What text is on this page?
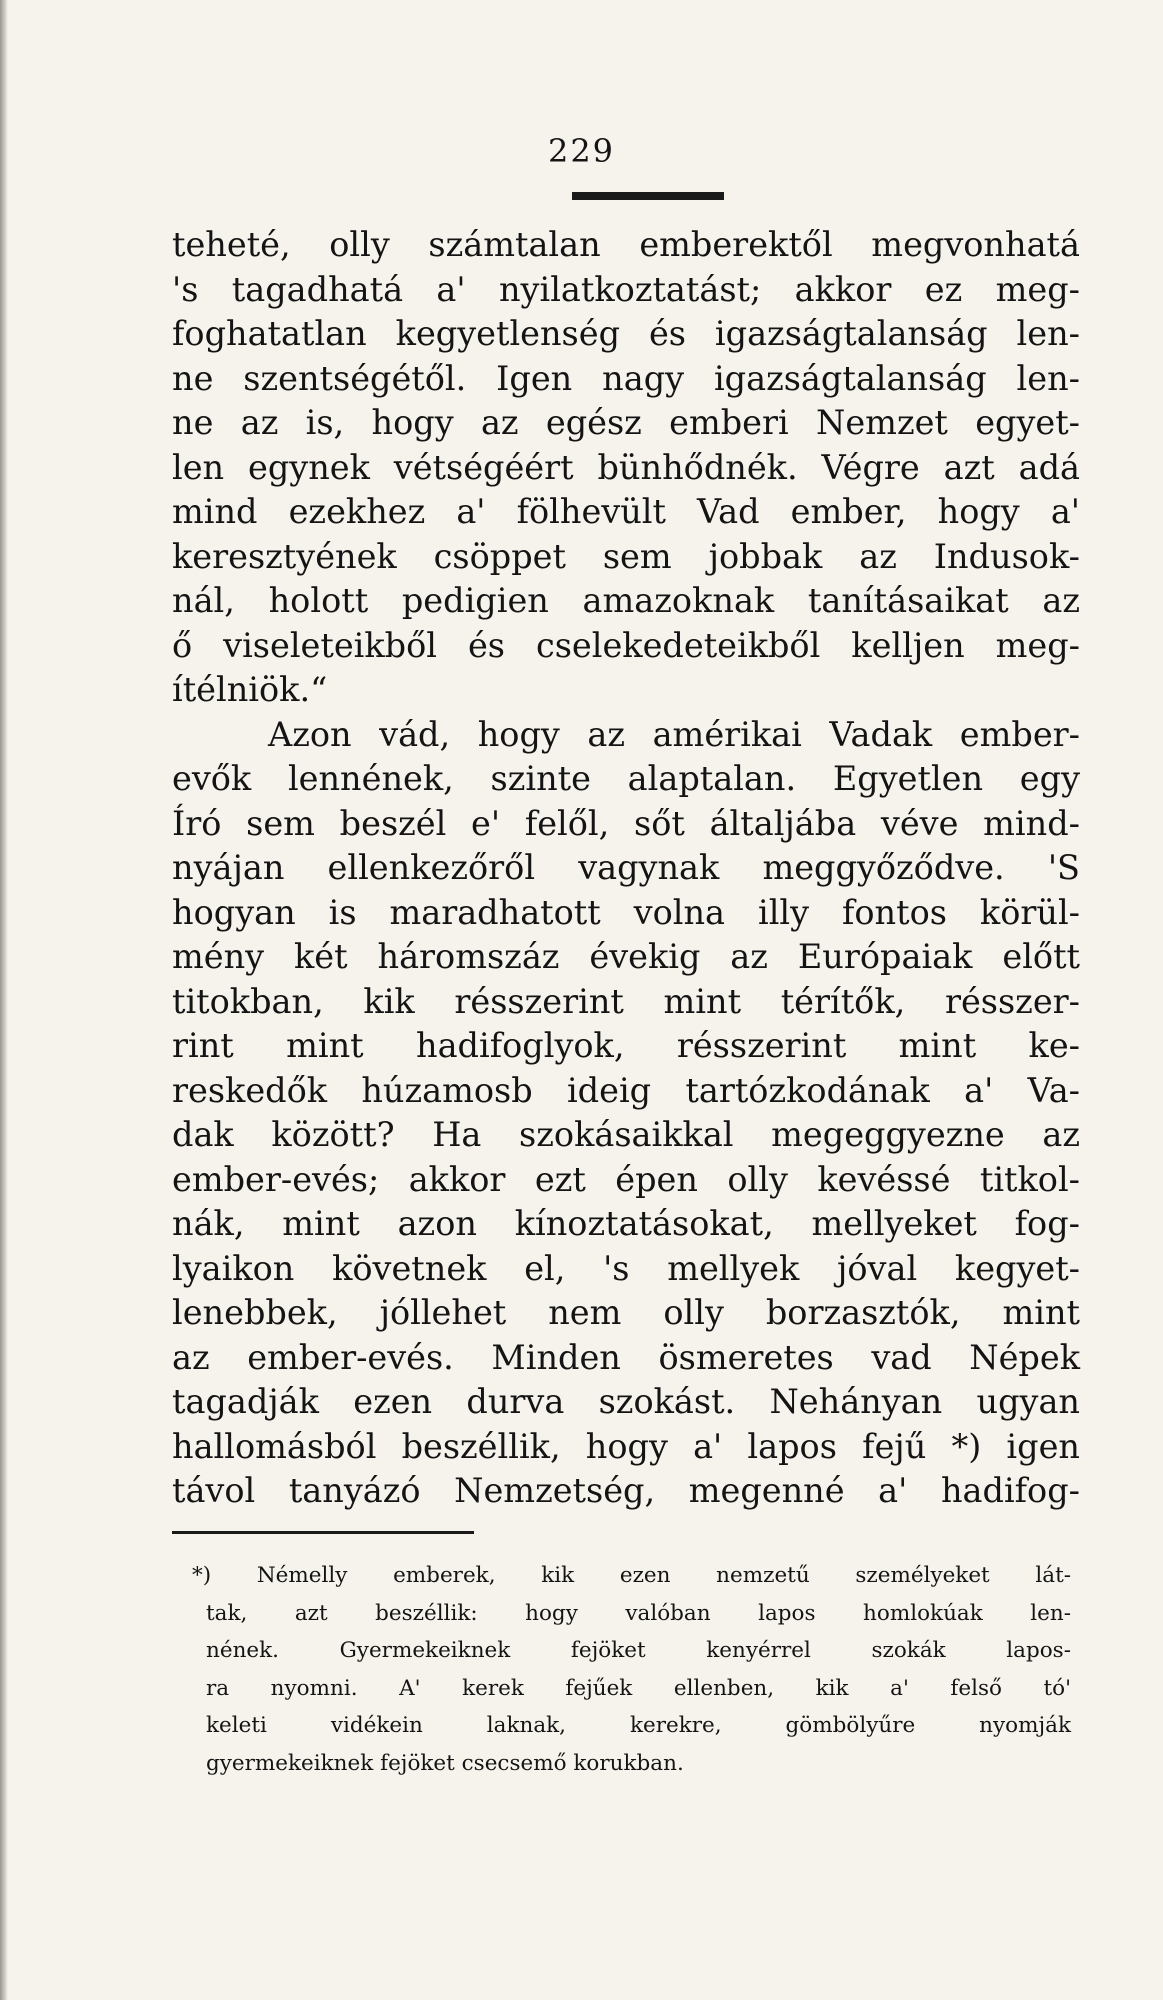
229
teheté, olly számtalan emberektől megvonhatá
's tagadhatá a' nyilatkoztatást; akkor ez meg-
foghatatlan kegyetlenség és igazságtalanság len-
ne szentségétől. Igen nagy igazságtalanság len-
ne az is, hogy az egész emberi Nemzet egyet-
len egynek vétségéért bünhődnék. Végre azt adá
mind ezekhez a' fölhevült Vad ember, hogy a'
keresztyének csöppet sem jobbak az Indusok-
nál, holott pedigien amazoknak tanításaikat az
ő viseleteikből és cselekedeteikből kelljen meg-
ítélniök.“
Azon vád, hogy az amérikai Vadak ember-
evők lennének, szinte alaptalan. Egyetlen egy
Író sem beszél e' felől, sőt általjába véve mind-
nyájan ellenkezőről vagynak meggyőződve. 'S
hogyan is maradhatott volna illy fontos körül-
mény két háromszáz évekig az Európaiak előtt
titokban, kik résszerint mint térítők, résszer-
rint mint hadifoglyok, résszerint mint ke-
reskedők húzamosb ideig tartózkodának a' Va-
dak között? Ha szokásaikkal megeggyezne az
ember-evés; akkor ezt épen olly kevéssé titkol-
nák, mint azon kínoztatásokat, mellyeket fog-
lyaikon követnek el, 's mellyek jóval kegyet-
lenebbek, jóllehet nem olly borzasztók, mint
az ember-evés. Minden ösmeretes vad Népek
tagadják ezen durva szokást. Nehányan ugyan
hallomásból beszéllik, hogy a' lapos fejű *) igen
távol tanyázó Nemzetség, megenné a' hadifog-
*) Némelly emberek, kik ezen nemzetű személyeket lát-
tak, azt beszéllik: hogy valóban lapos homlokúak len-
nének. Gyermekeiknek fejöket kenyérrel szokák lapos-
ra nyomni. A' kerek fejűek ellenben, kik a' felső tó'
keleti vidékein laknak, kerekre, gömbölyűre nyomják
gyermekeiknek fejöket csecsemő korukban.
